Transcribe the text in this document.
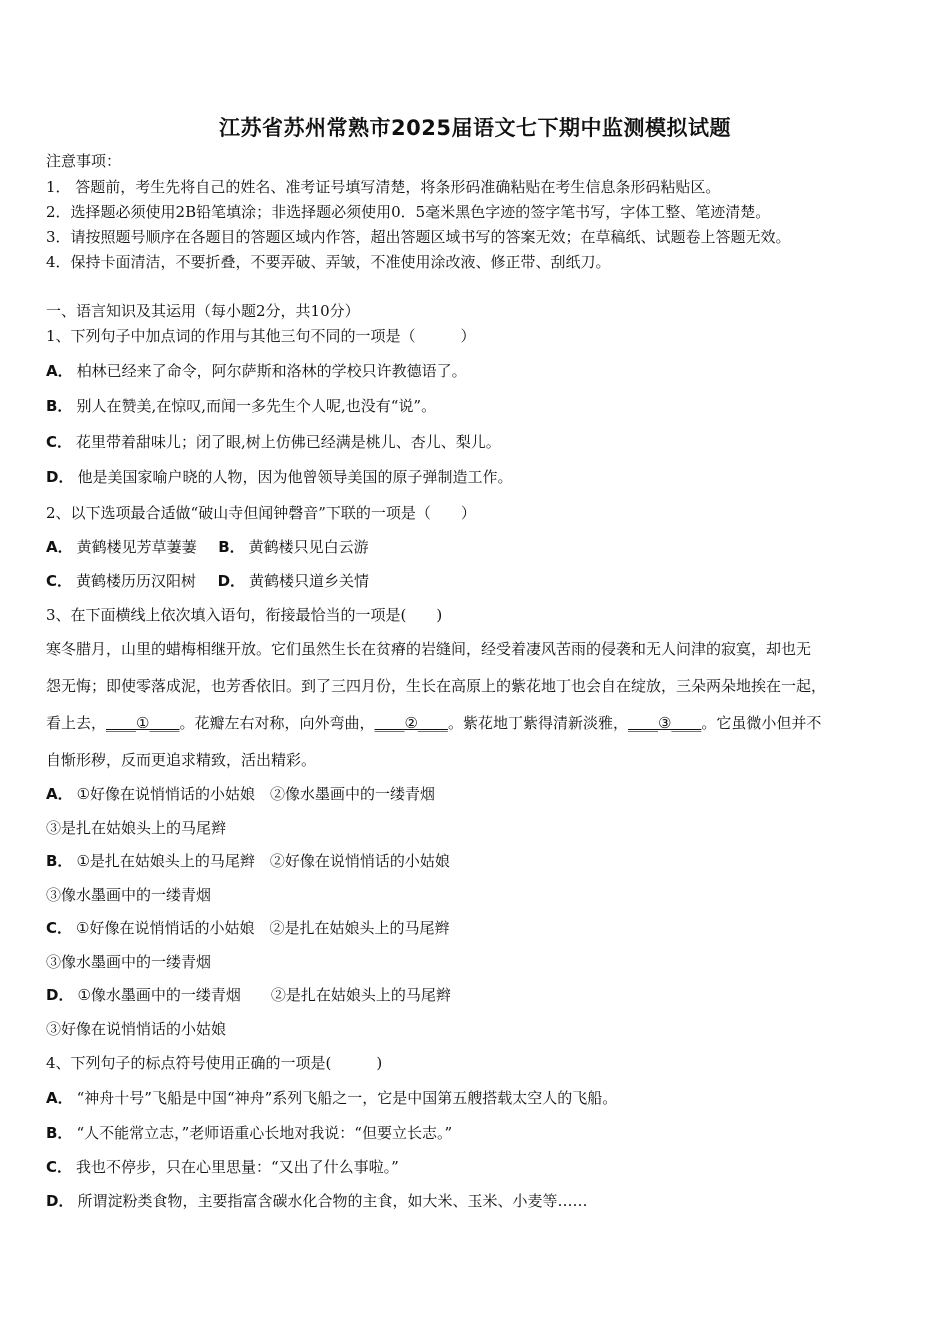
江苏省苏州常熟市2025届语文七下期中监测模拟试题
注意事项：
1． 答题前，考生先将自己的姓名、准考证号填写清楚，将条形码准确粘贴在考生信息条形码粘贴区。
2．选择题必须使用2B铅笔填涂；非选择题必须使用0．5毫米黑色字迹的签字笔书写，字体工整、笔迹清楚。
3．请按照题号顺序在各题目的答题区域内作答，超出答题区域书写的答案无效；在草稿纸、试题卷上答题无效。
4．保持卡面清洁，不要折叠，不要弄破、弄皱，不准使用涂改液、修正带、刮纸刀。
一、语言知识及其运用（每小题2分，共10分）
1、下列句子中加点词的作用与其他三句不同的一项是（　　　）
A． 柏林已经来了命令，阿尔萨斯和洛林的学校只许教德语了。
B． 别人在赞美,在惊叹,而闻一多先生个人呢,也没有“说”。
C． 花里带着甜味儿；闭了眼,树上仿佛已经满是桃儿、杏儿、梨儿。
D． 他是美国家喻户晓的人物，因为他曾领导美国的原子弹制造工作。
2、以下选项最合适做“破山寺但闻钟磬音”下联的一项是（　　）
A． 黄鹤楼见芳草萋萋 B． 黄鹤楼只见白云游
C． 黄鹤楼历历汉阳树 D． 黄鹤楼只道乡关情
3、在下面横线上依次填入语句，衔接最恰当的一项是(　　)
寒冬腊月，山里的蜡梅相继开放。它们虽然生长在贫瘠的岩缝间，经受着凄风苦雨的侵袭和无人问津的寂寞，却也无
怨无悔；即使零落成泥，也芳香依旧。到了三四月份，生长在高原上的紫花地丁也会自在绽放，三朵两朵地挨在一起，
看上去，____①____。花瓣左右对称，向外弯曲，____②____。紫花地丁紫得清新淡雅，____③____。它虽微小但并不
自惭形秽，反而更追求精致，活出精彩。
A． ①好像在说悄悄话的小姑娘　②像水墨画中的一缕青烟
③是扎在姑娘头上的马尾辫
B． ①是扎在姑娘头上的马尾辫　②好像在说悄悄话的小姑娘
③像水墨画中的一缕青烟
C． ①好像在说悄悄话的小姑娘　②是扎在姑娘头上的马尾辫
③像水墨画中的一缕青烟
D． ①像水墨画中的一缕青烟　　②是扎在姑娘头上的马尾辫
③好像在说悄悄话的小姑娘
4、下列句子的标点符号使用正确的一项是(　　　)
A． “神舟十号”飞船是中国“神舟”系列飞船之一，它是中国第五艘搭载太空人的飞船。
B． “人不能常立志，”老师语重心长地对我说：“但要立长志。”
C． 我也不停步，只在心里思量：“又出了什么事啦。”
D． 所谓淀粉类食物，主要指富含碳水化合物的主食，如大米、玉米、小麦等……
